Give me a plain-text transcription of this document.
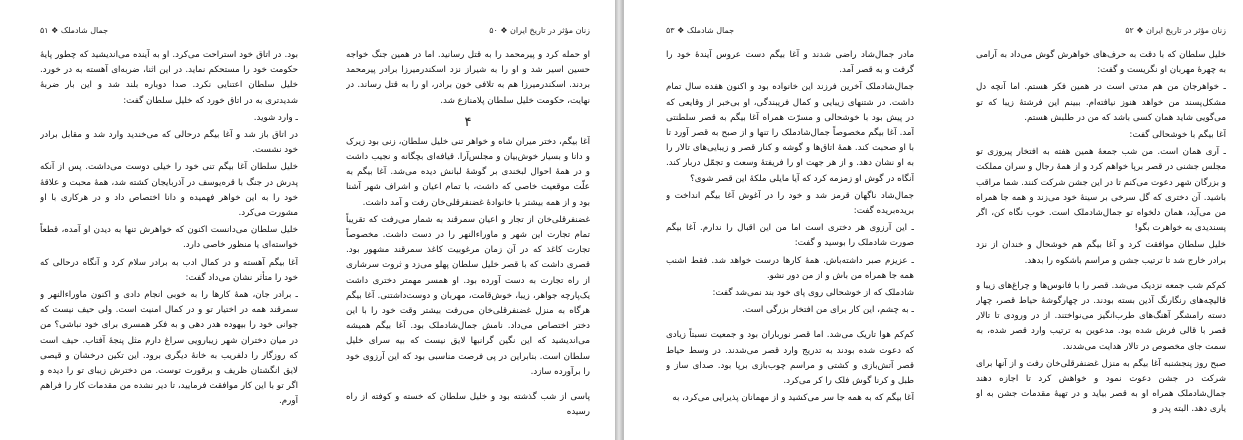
جمال شادملک ❖ ۵۱

بود. در اتاق خود استراحت می‌کرد. او به آینده می‌اندیشید که چطور پایهٔ حکومت خود را مستحکم نماید. در این اثنا، ضربه‌ای آهسته به در خورد. خلیل سلطان اعتنایی نکرد. صدا دوباره بلند شد و این بار ضربهٔ شدیدتری به در اتاق خورد که خلیل سلطان گفت:

ـ وارد شوید.

در اتاق باز شد و آغا بیگم درحالی که می‌خندید وارد شد و مقابل برادر خود نشست.

خلیل سلطان آغا بیگم تنی خود را خیلی دوست می‌داشت. پس از آنکه پدرش در جنگ با قره‌یوسف در آذربایجان کشته شد، همهٔ محبت و علاقهٔ خود را به این خواهر فهمیده و دانا اختصاص داد و در هرکاری با او مشورت می‌کرد.

خلیل سلطان می‌دانست اکنون که خواهرش تنها به دیدن او آمده، قطعاً خواسته‌ای یا منظور خاصی دارد.

آغا بیگم آهسته و در کمال ادب به برادر سلام کرد و آنگاه درحالی که خود را متأثر نشان می‌داد گفت:

ـ برادر جان، همهٔ کارها را به خوبی انجام دادی و اکنون ماوراءالنهر و سمرقند همه در اختیار تو و در کمال امنیت است. ولی حیف نیست که جوانی خود را بیهوده هدر دهی و به فکر همسری برای خود نباشی؟ من در میان دختران شهر زیبارویی سراغ دارم مثل پنجهٔ آفتاب. حیف است که روزگار را دلفریب به خانهٔ دیگری برود. این تکین درخشان و قیصی لایق انگشتان ظریف و برقورت توست. من دخترش زیبای تو را دیده و اگر تو با این کار موافقت فرمایید، تا دیر نشده من مقدمات کار را فراهم آورم.

زنان مؤثر در تاریخ ایران ❖ ۵۰

او حمله کرد و پیرمحمد را به قتل رسانید. اما در همین جنگ خواجه حسین اسیر شد و او را به شیراز نزد اسکندرمیرزا برادر پیرمحمد بردند. اسکندرمیرزا هم به تلافی خون برادر، او را به قتل رساند. در نهایت، حکومت خلیل سلطان پلامنازع شد.

۴

آغا بیگم، دختر میران شاه و خواهر تنی خلیل سلطان، زنی بود زیرک و دانا و بسیار خوش‌بیان و مجلس‌آرا. قیافه‌ای بچگانه و نجیب داشت و در همهٔ احوال لبخندی بر گوشهٔ لبانش دیده می‌شد. آغا بیگم به علّت موقعیت خاصی که داشت، با تمام اعیان و اشراف شهر آشنا بود و از همه بیشتر با خانوادهٔ غضنفرقلی‌خان رفت و آمد داشت.

غضنفرقلی‌خان از تجار و اعیان سمرقند به شمار می‌رفت که تقریباً تمام تجارت این شهر و ماوراءالنهر را در دست داشت. مخصوصاً تجارت کاغذ که در آن زمان مرغوبیت کاغذ سمرقند مشهور بود. قصری داشت که با قصر خلیل سلطان پهلو می‌زد و ثروت سرشاری از راه تجارت به دست آورده بود. او همسر مهمتر دختری داشت یک‌پارچه جواهر، زیبا، خوش‌قامت، مهربان و دوست‌داشتنی. آغا بیگم هرگاه به منزل غضنفرقلی‌خان می‌رفت بیشتر وقت خود را با این دختر اختصاص می‌داد. نامش جمال‌شادملک بود. آغا بیگم همیشه می‌اندیشید که این نگین گرانبها لایق نیست که بیه سرای خلیل سلطان است. بنابراین در پی فرصت مناسبی بود که این آرزوی خود را برآورده سازد.

پاسی از شب گذشته بود و خلیل سلطان که خسته و کوفته از راه رسیده

جمال شادملک ❖ ۵۳

مادر جمال‌شاد راضی شدند و آغا بیگم دست عروس آیندهٔ خود را گرفت و به قصر آمد.

جمال‌شادملک آخرین فرزند این خانواده بود و اکنون هفده سال تمام داشت. در شتنهای زیبایی و کمال فریبندگی، او بی‌خبر از وقایعی که در پیش بود با خوشحالی و مسرّت همراه آغا بیگم به قصر سلطنتی آمد. آغا بیگم مخصوصاً جمال‌شادملک را تنها و از صبح به قصر آورد تا با او صحبت کند. همهٔ اتاق‌ها و گوشه و کنار قصر و زیبایی‌های تالار را به او نشان دهد. و از هر جهت او را فریفتهٔ وسعت و تجمّل دربار کند. آنگاه در گوش او زمزمه کرد که آیا مایلی ملکهٔ این قصر شوی؟

جمال‌شاد ناگهان قرمز شد و خود را در آغوش آغا بیگم انداخت و بریده‌بریده گفت:

ـ این آرزوی هر دختری است اما من این اقبال را ندارم. آغا بیگم صورت شادملک را بوسید و گفت:

ـ عزیزم صبر داشته‌باش. همهٔ کارها درست خواهد شد. فقط اشنب همه جا همراه من باش و از من دور نشو.

شادملک که از خوشحالی روی پای خود بند نمی‌شد گفت:

ـ به چشم، این کار برای من افتخار بزرگی است.

کم‌کم هوا تاریک می‌شد. اما قصر نورباران بود و جمعیت نسبتاً زیادی که دعوت شده بودند به تدریج وارد قصر می‌شدند. در وسط حیاط قصر آتش‌بازی و کشتی و مراسم چوب‌بازی برپا بود. صدای ساز و طبل و کرنا گوش فلک را کر می‌کرد.

آغا بیگم که به همه جا سر می‌کشید و از مهمانان پذیرایی می‌کرد، به

زنان مؤثر در تاریخ ایران ❖ ۵۲

خلیل سلطان که با دقت به حرف‌های خواهرش گوش می‌داد به آرامی به چهرهٔ مهربان او نگریست و گفت:

ـ خواهرجان من هم مدتی است در همین فکر هستم. اما آنچه دل مشکل‌پسند من خواهد هنوز نیافته‌ام. ببینم این فرشتهٔ زیبا که تو می‌گویی شاید همان کسی باشد که من در طلبش هستم.

آغا بیگم با خوشحالی گفت:

ـ آری همان است. من شب جمعهٔ همین هفته به افتخار پیروزی تو مجلس جشنی در قصر برپا خواهم کرد و از همهٔ رجال و سران مملکت و بزرگان شهر دعوت می‌کنم تا در این جشن شرکت کنند. شما مراقب باشید. آن دختری که گل سرخی بر سینهٔ خود می‌زند و همه جا همراه من می‌آید، همان دلخواه تو جمال‌شادملک است. خوب نگاه کن، اگر پسندیدی به خواهرت بگو!

خلیل سلطان موافقت کرد و آغا بیگم هم خوشحال و خندان از نزد برادر خارج شد تا ترتیب جشن و مراسم باشکوه را بدهد.

کم‌کم شب جمعه نزدیک می‌شد. قصر را با فانوس‌ها و چراغ‌های زیبا و قالیچه‌های رنگارنگ آذین بسته بودند. در چهارگوشهٔ حیاط قصر، چهار دسته رامشگر آهنگ‌های طرب‌انگیز می‌نواختند. از در ورودی تا تالار قصر با قالی فرش شده بود. مدعوین به ترتیب وارد قصر شده، به سمت جای مخصوص در تالار هدایت می‌شدند.

صبح روز پنجشنبه آغا بیگم به منزل غضنفرقلی‌خان رفت و از آنها برای شرکت در جشن دعوت نمود و خواهش کرد تا اجازه دهند جمال‌شادملک همراه او به قصر بیاید و در تهیهٔ مقدمات جشن به او یاری دهد. البته پدر و
